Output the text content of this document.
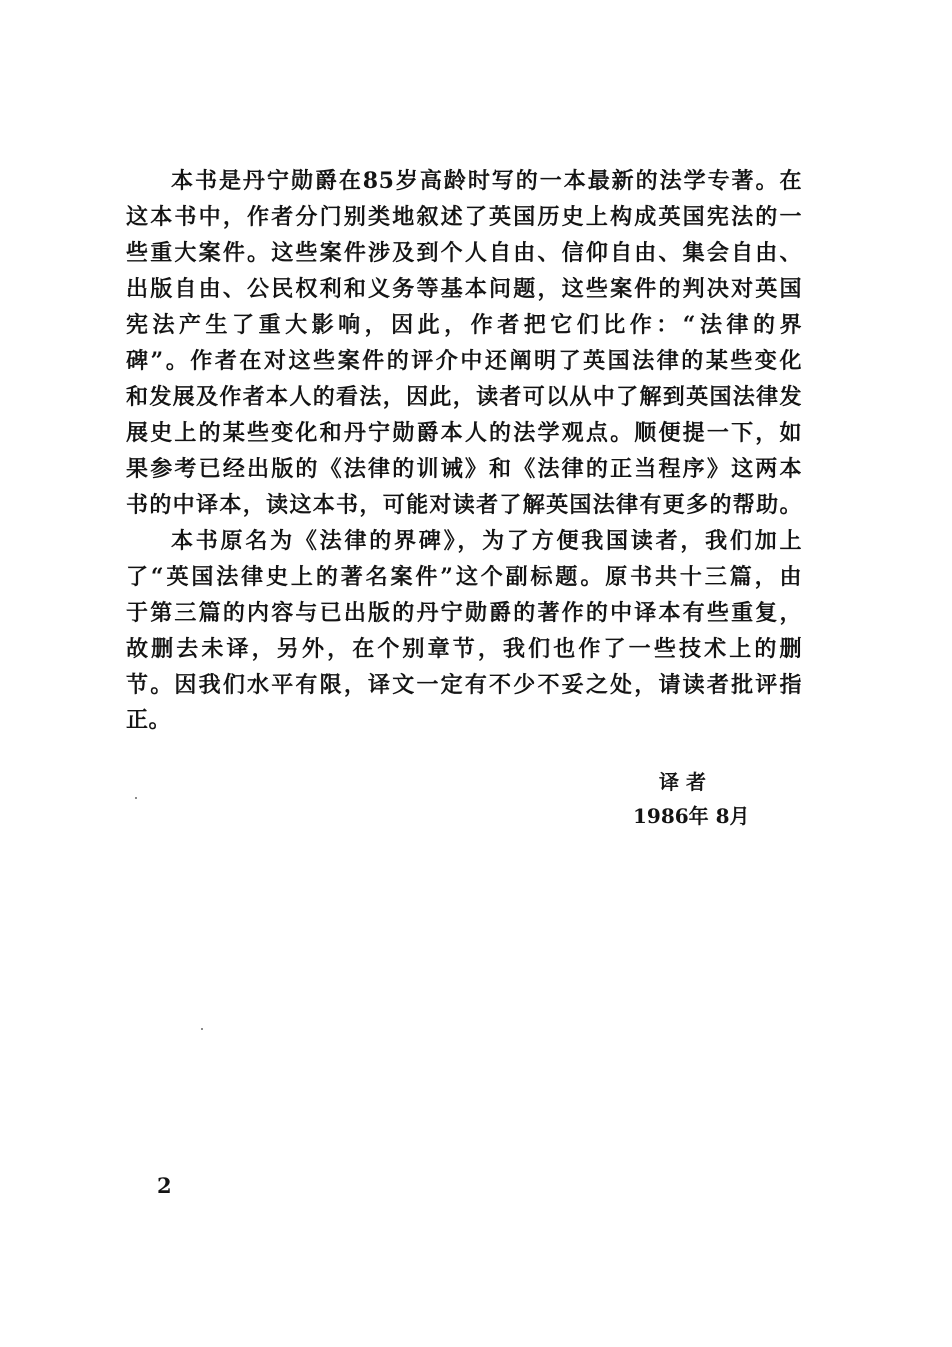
本书是丹宁勋爵在85岁高龄时写的一本最新的法学专著。在
这本书中，作者分门别类地叙述了英国历史上构成英国宪法的一
些重大案件。这些案件涉及到个人自由、信仰自由、集会自由、
出版自由、公民权利和义务等基本问题，这些案件的判决对英国
宪法产生了重大影响，因此，作者把它们比作：“法律的界
碑”。作者在对这些案件的评介中还阐明了英国法律的某些变化
和发展及作者本人的看法，因此，读者可以从中了解到英国法律发
展史上的某些变化和丹宁勋爵本人的法学观点。顺便提一下，如
果参考已经出版的《法律的训诫》和《法律的正当程序》这两本
书的中译本，读这本书，可能对读者了解英国法律有更多的帮助。
本书原名为《法律的界碑》，为了方便我国读者，我们加上
了“英国法律史上的著名案件”这个副标题。原书共十三篇，由
于第三篇的内容与已出版的丹宁勋爵的著作的中译本有些重复，
故删去未译，另外，在个别章节，我们也作了一些技术上的删
节。因我们水平有限，译文一定有不少不妥之处，请读者批评指
正。
译 者
1986年 8月
2
